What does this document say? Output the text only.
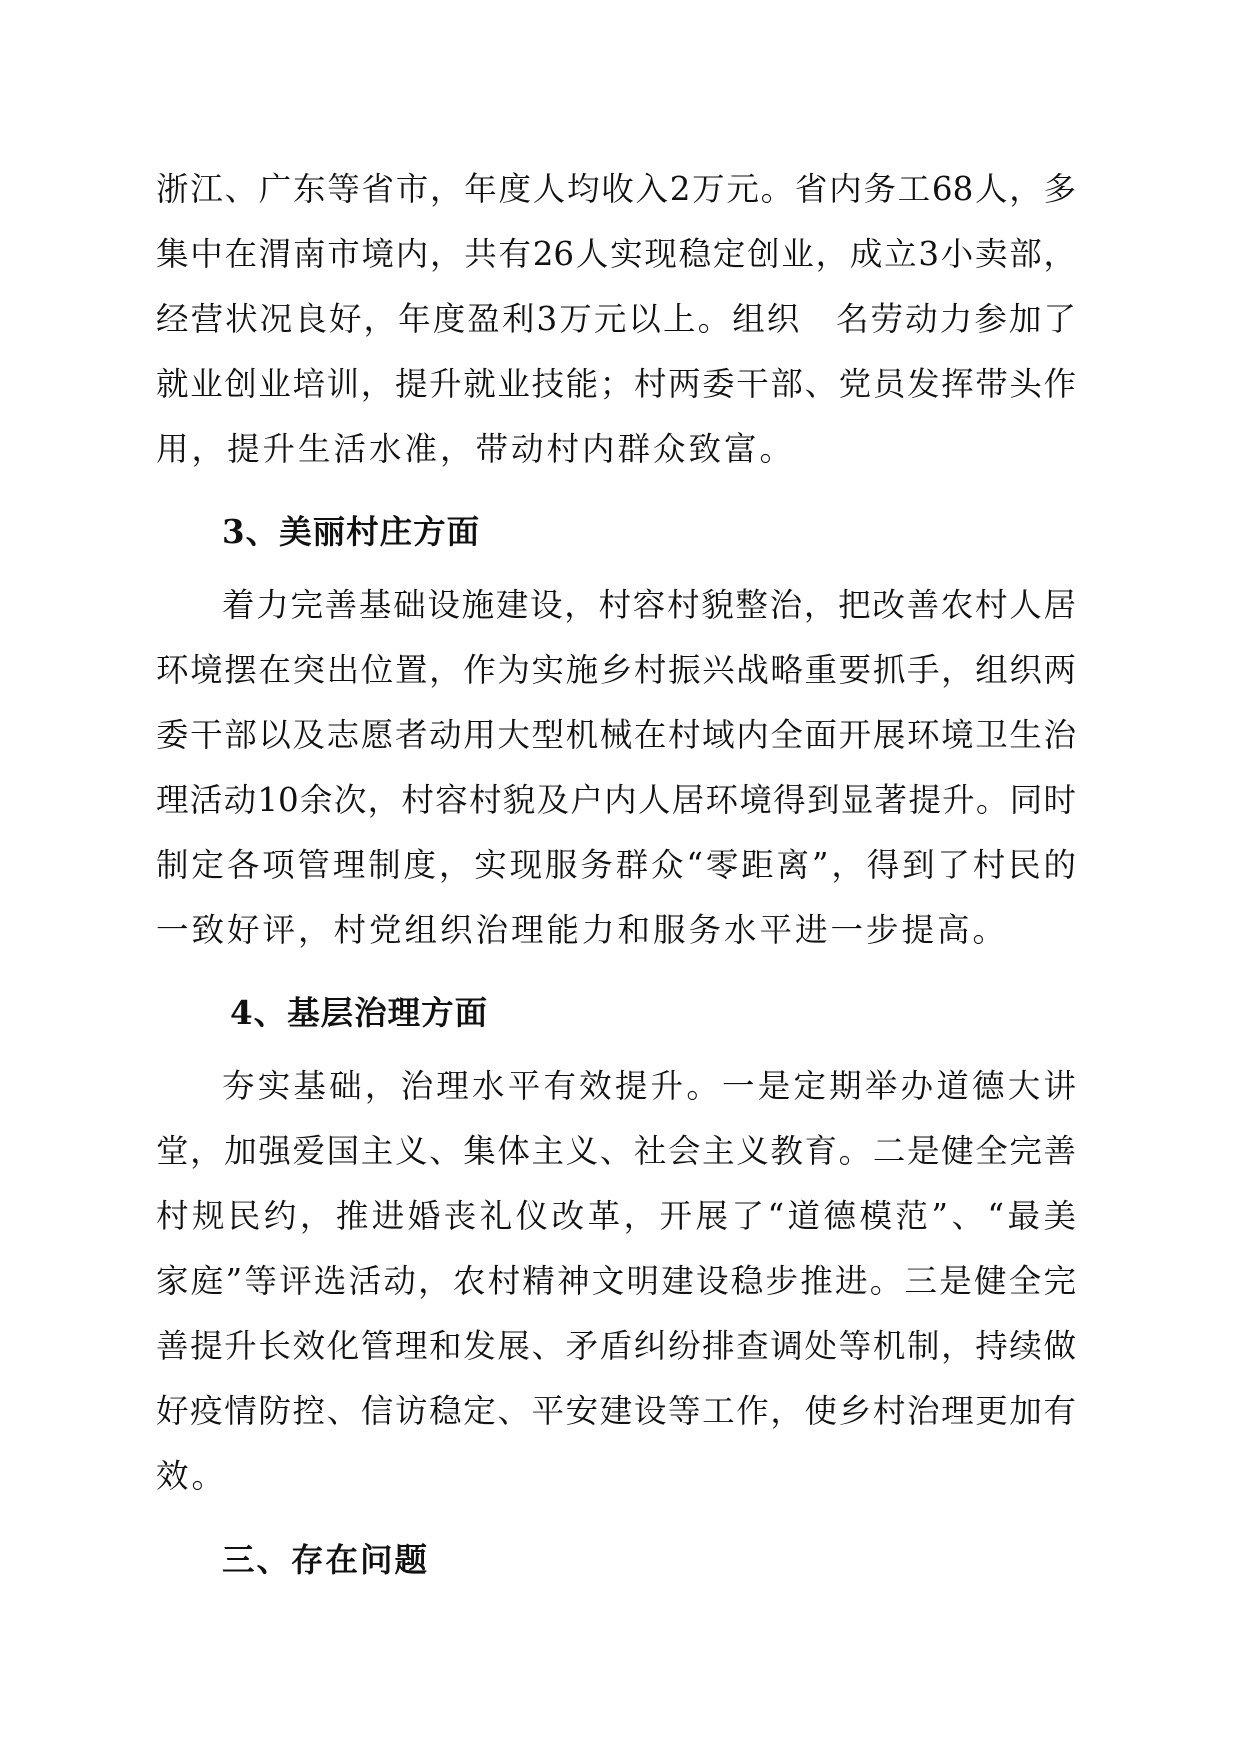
浙江、广东等省市，年度人均收入2万元。省内务工68人，多
集中在渭南市境内，共有26人实现稳定创业，成立3小卖部，
经营状况良好，年度盈利3万元以上。组织　名劳动力参加了
就业创业培训，提升就业技能；村两委干部、党员发挥带头作
用，提升生活水准，带动村内群众致富。
3、美丽村庄方面
着力完善基础设施建设，村容村貌整治，把改善农村人居
环境摆在突出位置，作为实施乡村振兴战略重要抓手，组织两
委干部以及志愿者动用大型机械在村域内全面开展环境卫生治
理活动10余次，村容村貌及户内人居环境得到显著提升。同时
制定各项管理制度，实现服务群众“零距离”，得到了村民的
一致好评，村党组织治理能力和服务水平进一步提高。
4、基层治理方面
夯实基础，治理水平有效提升。一是定期举办道德大讲
堂，加强爱国主义、集体主义、社会主义教育。二是健全完善
村规民约，推进婚丧礼仪改革，开展了“道德模范”、“最美
家庭”等评选活动，农村精神文明建设稳步推进。三是健全完
善提升长效化管理和发展、矛盾纠纷排查调处等机制，持续做
好疫情防控、信访稳定、平安建设等工作，使乡村治理更加有
效。
三、存在问题
